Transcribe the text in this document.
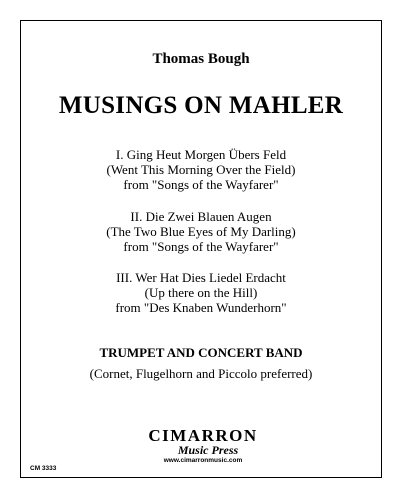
Thomas Bough
MUSINGS ON MAHLER
I. Ging Heut Morgen Übers Feld
(Went This Morning Over the Field)
from "Songs of the Wayfarer"
II. Die Zwei Blauen Augen
(The Two Blue Eyes of My Darling)
from "Songs of the Wayfarer"
III. Wer Hat Dies Liedel Erdacht
(Up there on the Hill)
from "Des Knaben Wunderhorn"
TRUMPET AND CONCERT BAND
(Cornet, Flugelhorn and Piccolo preferred)
CIMARRON
Music Press
www.cimarronmusic.com
CM 3333
